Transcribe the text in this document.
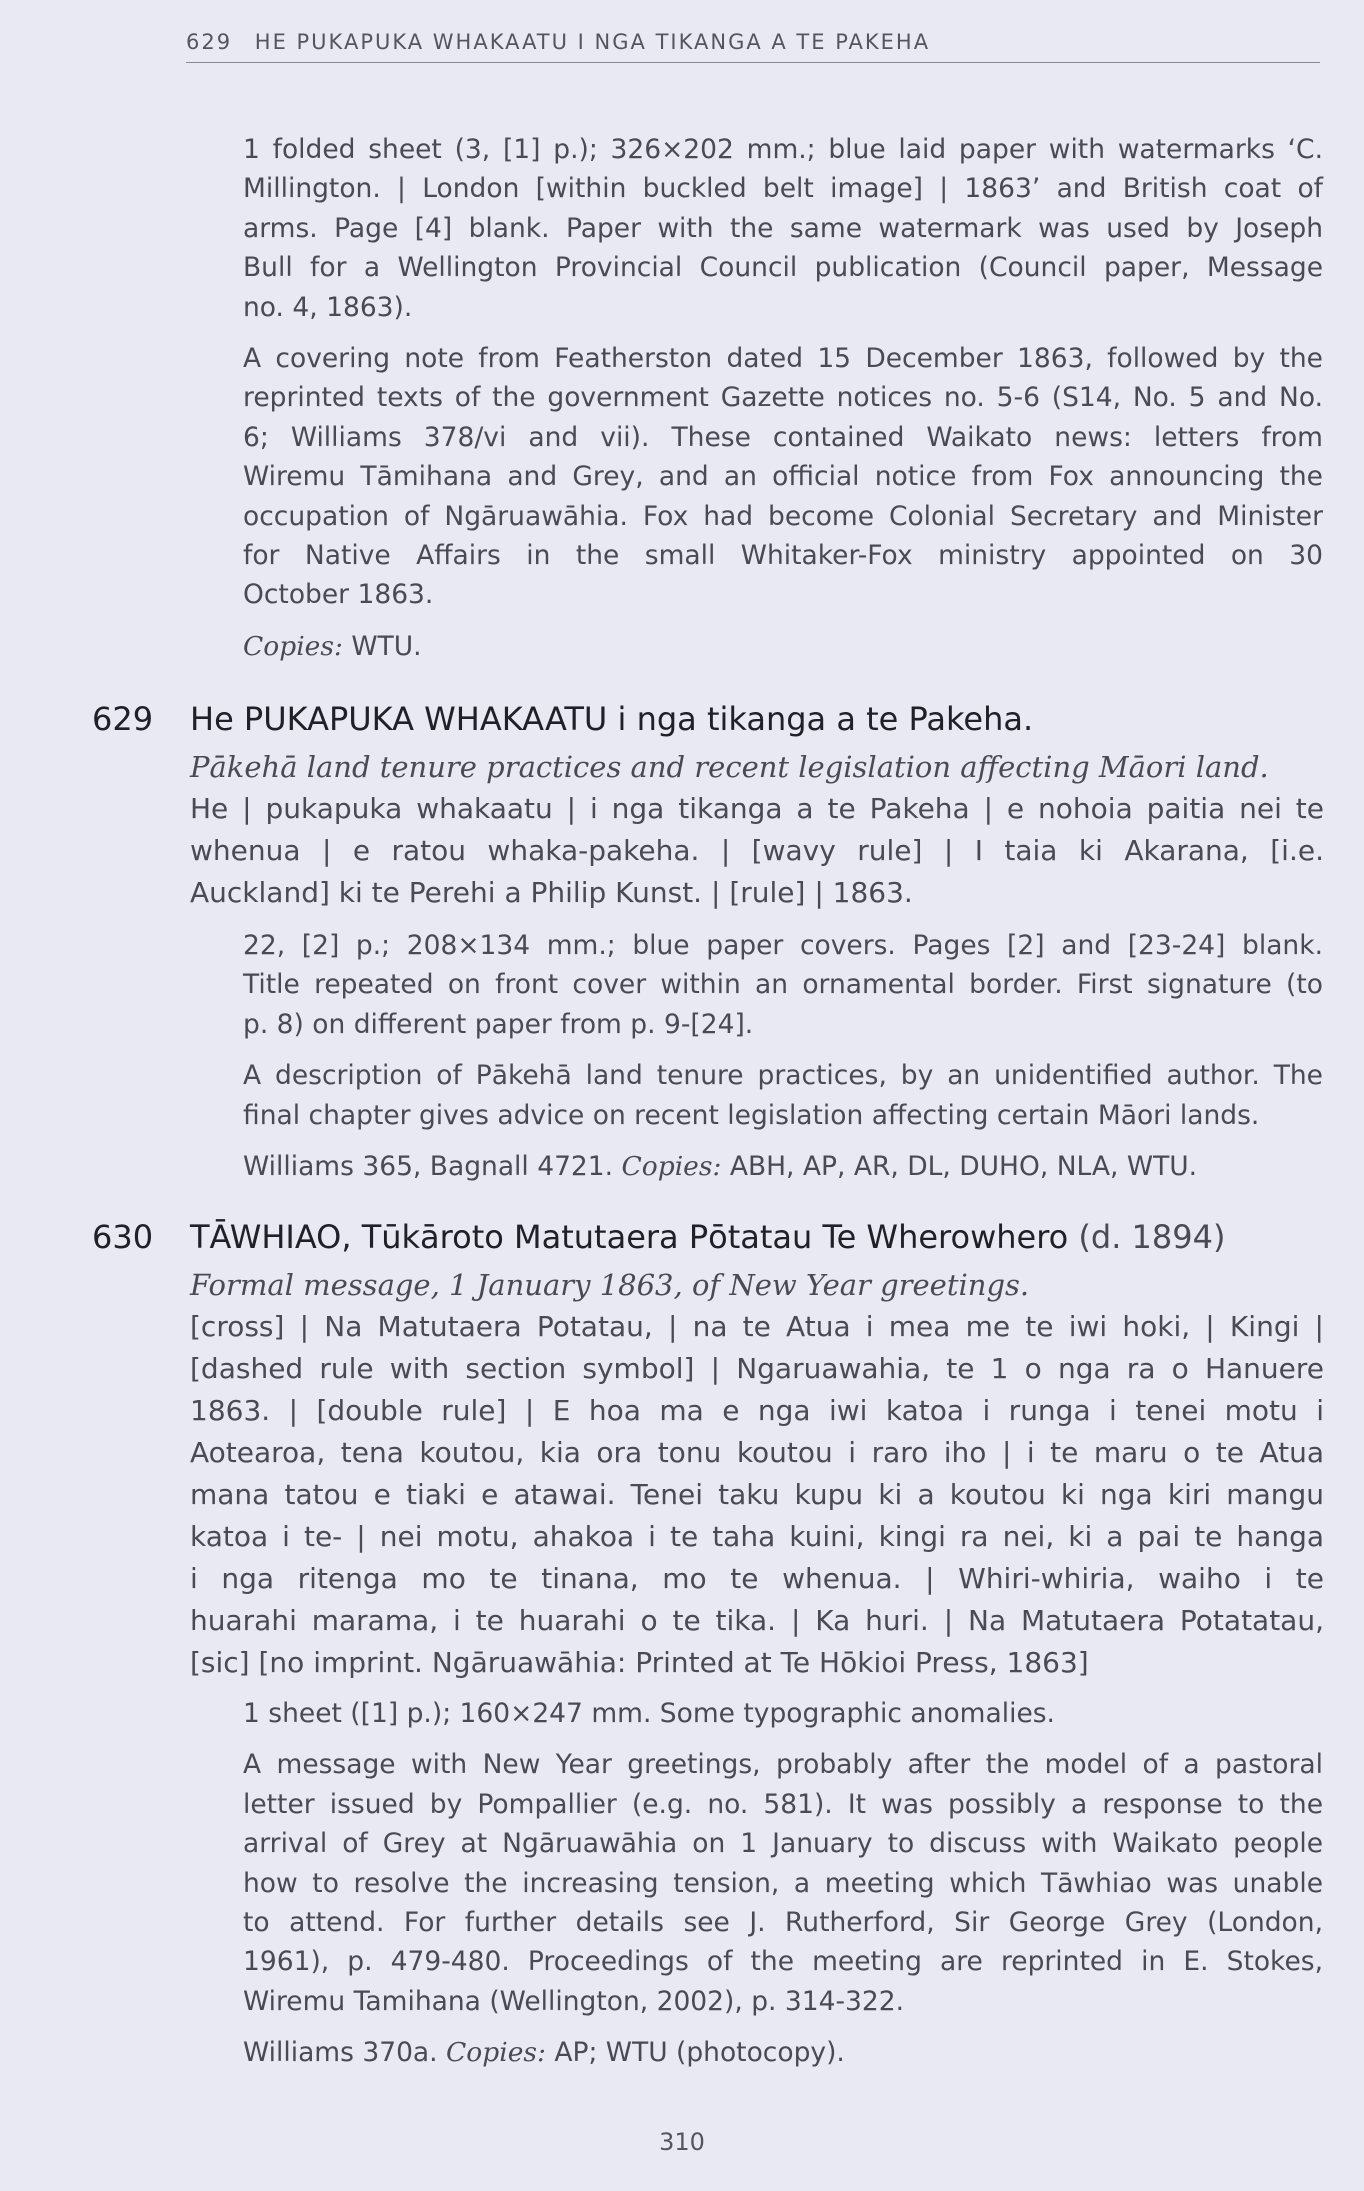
629 HE PUKAPUKA WHAKAATU I NGA TIKANGA A TE PAKEHA
1 folded sheet (3, [1] p.); 326×202 mm.; blue laid paper with watermarks ‘C.
Millington. | London [within buckled belt image] | 1863’ and British coat of
arms. Page [4] blank. Paper with the same watermark was used by Joseph
Bull for a Wellington Provincial Council publication (Council paper, Message
no. 4, 1863).
A covering note from Featherston dated 15 December 1863, followed by the
reprinted texts of the government Gazette notices no. 5-6 (S14, No. 5 and No.
6; Williams 378/vi and vii). These contained Waikato news: letters from
Wiremu Tāmihana and Grey, and an official notice from Fox announcing the
occupation of Ngāruawāhia. Fox had become Colonial Secretary and Minister
for Native Affairs in the small Whitaker-Fox ministry appointed on 30
October 1863.
Copies: WTU.
629 He PUKAPUKA WHAKAATU i nga tikanga a te Pakeha.
Pākehā land tenure practices and recent legislation affecting Māori land.
He | pukapuka whakaatu | i nga tikanga a te Pakeha | e nohoia paitia nei te
whenua | e ratou whaka-pakeha. | [wavy rule] | I taia ki Akarana, [i.e.
Auckland] ki te Perehi a Philip Kunst. | [rule] | 1863.
22, [2] p.; 208×134 mm.; blue paper covers. Pages [2] and [23-24] blank.
Title repeated on front cover within an ornamental border. First signature (to
p. 8) on different paper from p. 9-[24].
A description of Pākehā land tenure practices, by an unidentified author. The
final chapter gives advice on recent legislation affecting certain Māori lands.
Williams 365, Bagnall 4721. Copies: ABH, AP, AR, DL, DUHO, NLA, WTU.
630 TĀWHIAO, Tūkāroto Matutaera Pōtatau Te Wherowhero (d. 1894)
Formal message, 1 January 1863, of New Year greetings.
[cross] | Na Matutaera Potatau, | na te Atua i mea me te iwi hoki, | Kingi |
[dashed rule with section symbol] | Ngaruawahia, te 1 o nga ra o Hanuere
1863. | [double rule] | E hoa ma e nga iwi katoa i runga i tenei motu i
Aotearoa, tena koutou, kia ora tonu koutou i raro iho | i te maru o te Atua
mana tatou e tiaki e atawai. Tenei taku kupu ki a koutou ki nga kiri mangu
katoa i te- | nei motu, ahakoa i te taha kuini, kingi ra nei, ki a pai te hanga
i nga ritenga mo te tinana, mo te whenua. | Whiri-whiria, waiho i te
huarahi marama, i te huarahi o te tika. | Ka huri. | Na Matutaera Potatatau,
[sic] [no imprint. Ngāruawāhia: Printed at Te Hōkioi Press, 1863]
1 sheet ([1] p.); 160×247 mm. Some typographic anomalies.
A message with New Year greetings, probably after the model of a pastoral
letter issued by Pompallier (e.g. no. 581). It was possibly a response to the
arrival of Grey at Ngāruawāhia on 1 January to discuss with Waikato people
how to resolve the increasing tension, a meeting which Tāwhiao was unable
to attend. For further details see J. Rutherford, Sir George Grey (London,
1961), p. 479-480. Proceedings of the meeting are reprinted in E. Stokes,
Wiremu Tamihana (Wellington, 2002), p. 314-322.
Williams 370a. Copies: AP; WTU (photocopy).
310
